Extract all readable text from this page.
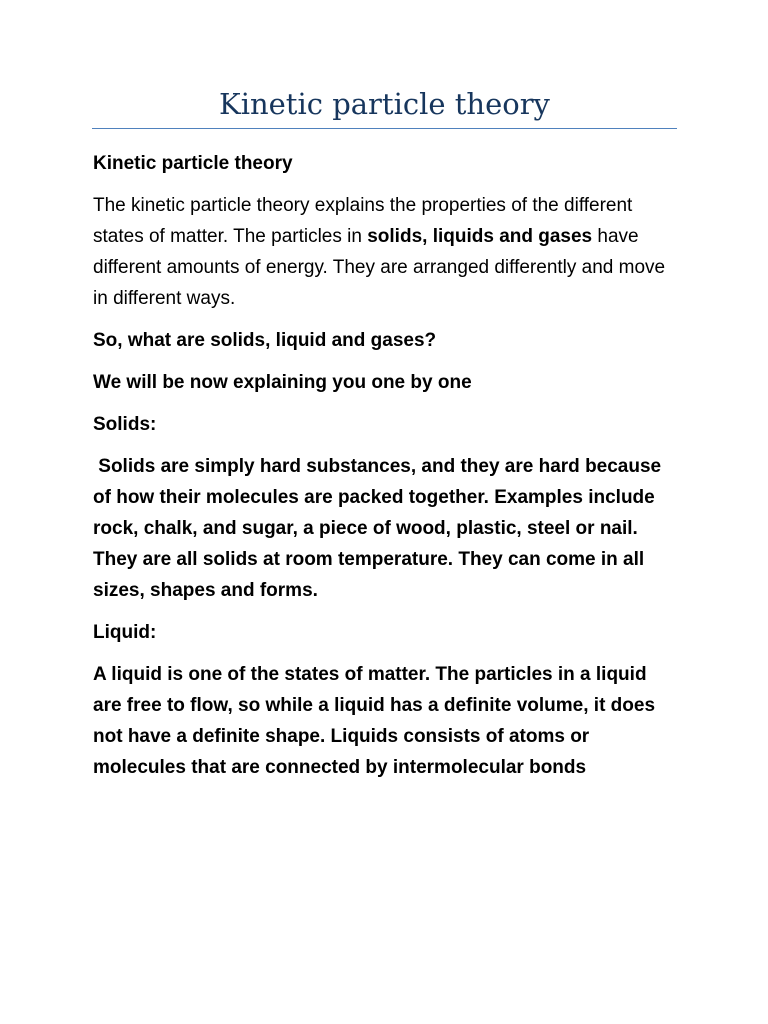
Kinetic particle theory

Kinetic particle theory

The kinetic particle theory explains the properties of the different states of matter. The particles in solids, liquids and gases have different amounts of energy. They are arranged differently and move in different ways.

So, what are solids, liquid and gases?

We will be now explaining you one by one

Solids:

Solids are simply hard substances, and they are hard because of how their molecules are packed together. Examples include rock, chalk, and sugar, a piece of wood, plastic, steel or nail. They are all solids at room temperature. They can come in all sizes, shapes and forms.

Liquid:

A liquid is one of the states of matter. The particles in a liquid are free to flow, so while a liquid has a definite volume, it does not have a definite shape. Liquids consists of atoms or molecules that are connected by intermolecular bonds
